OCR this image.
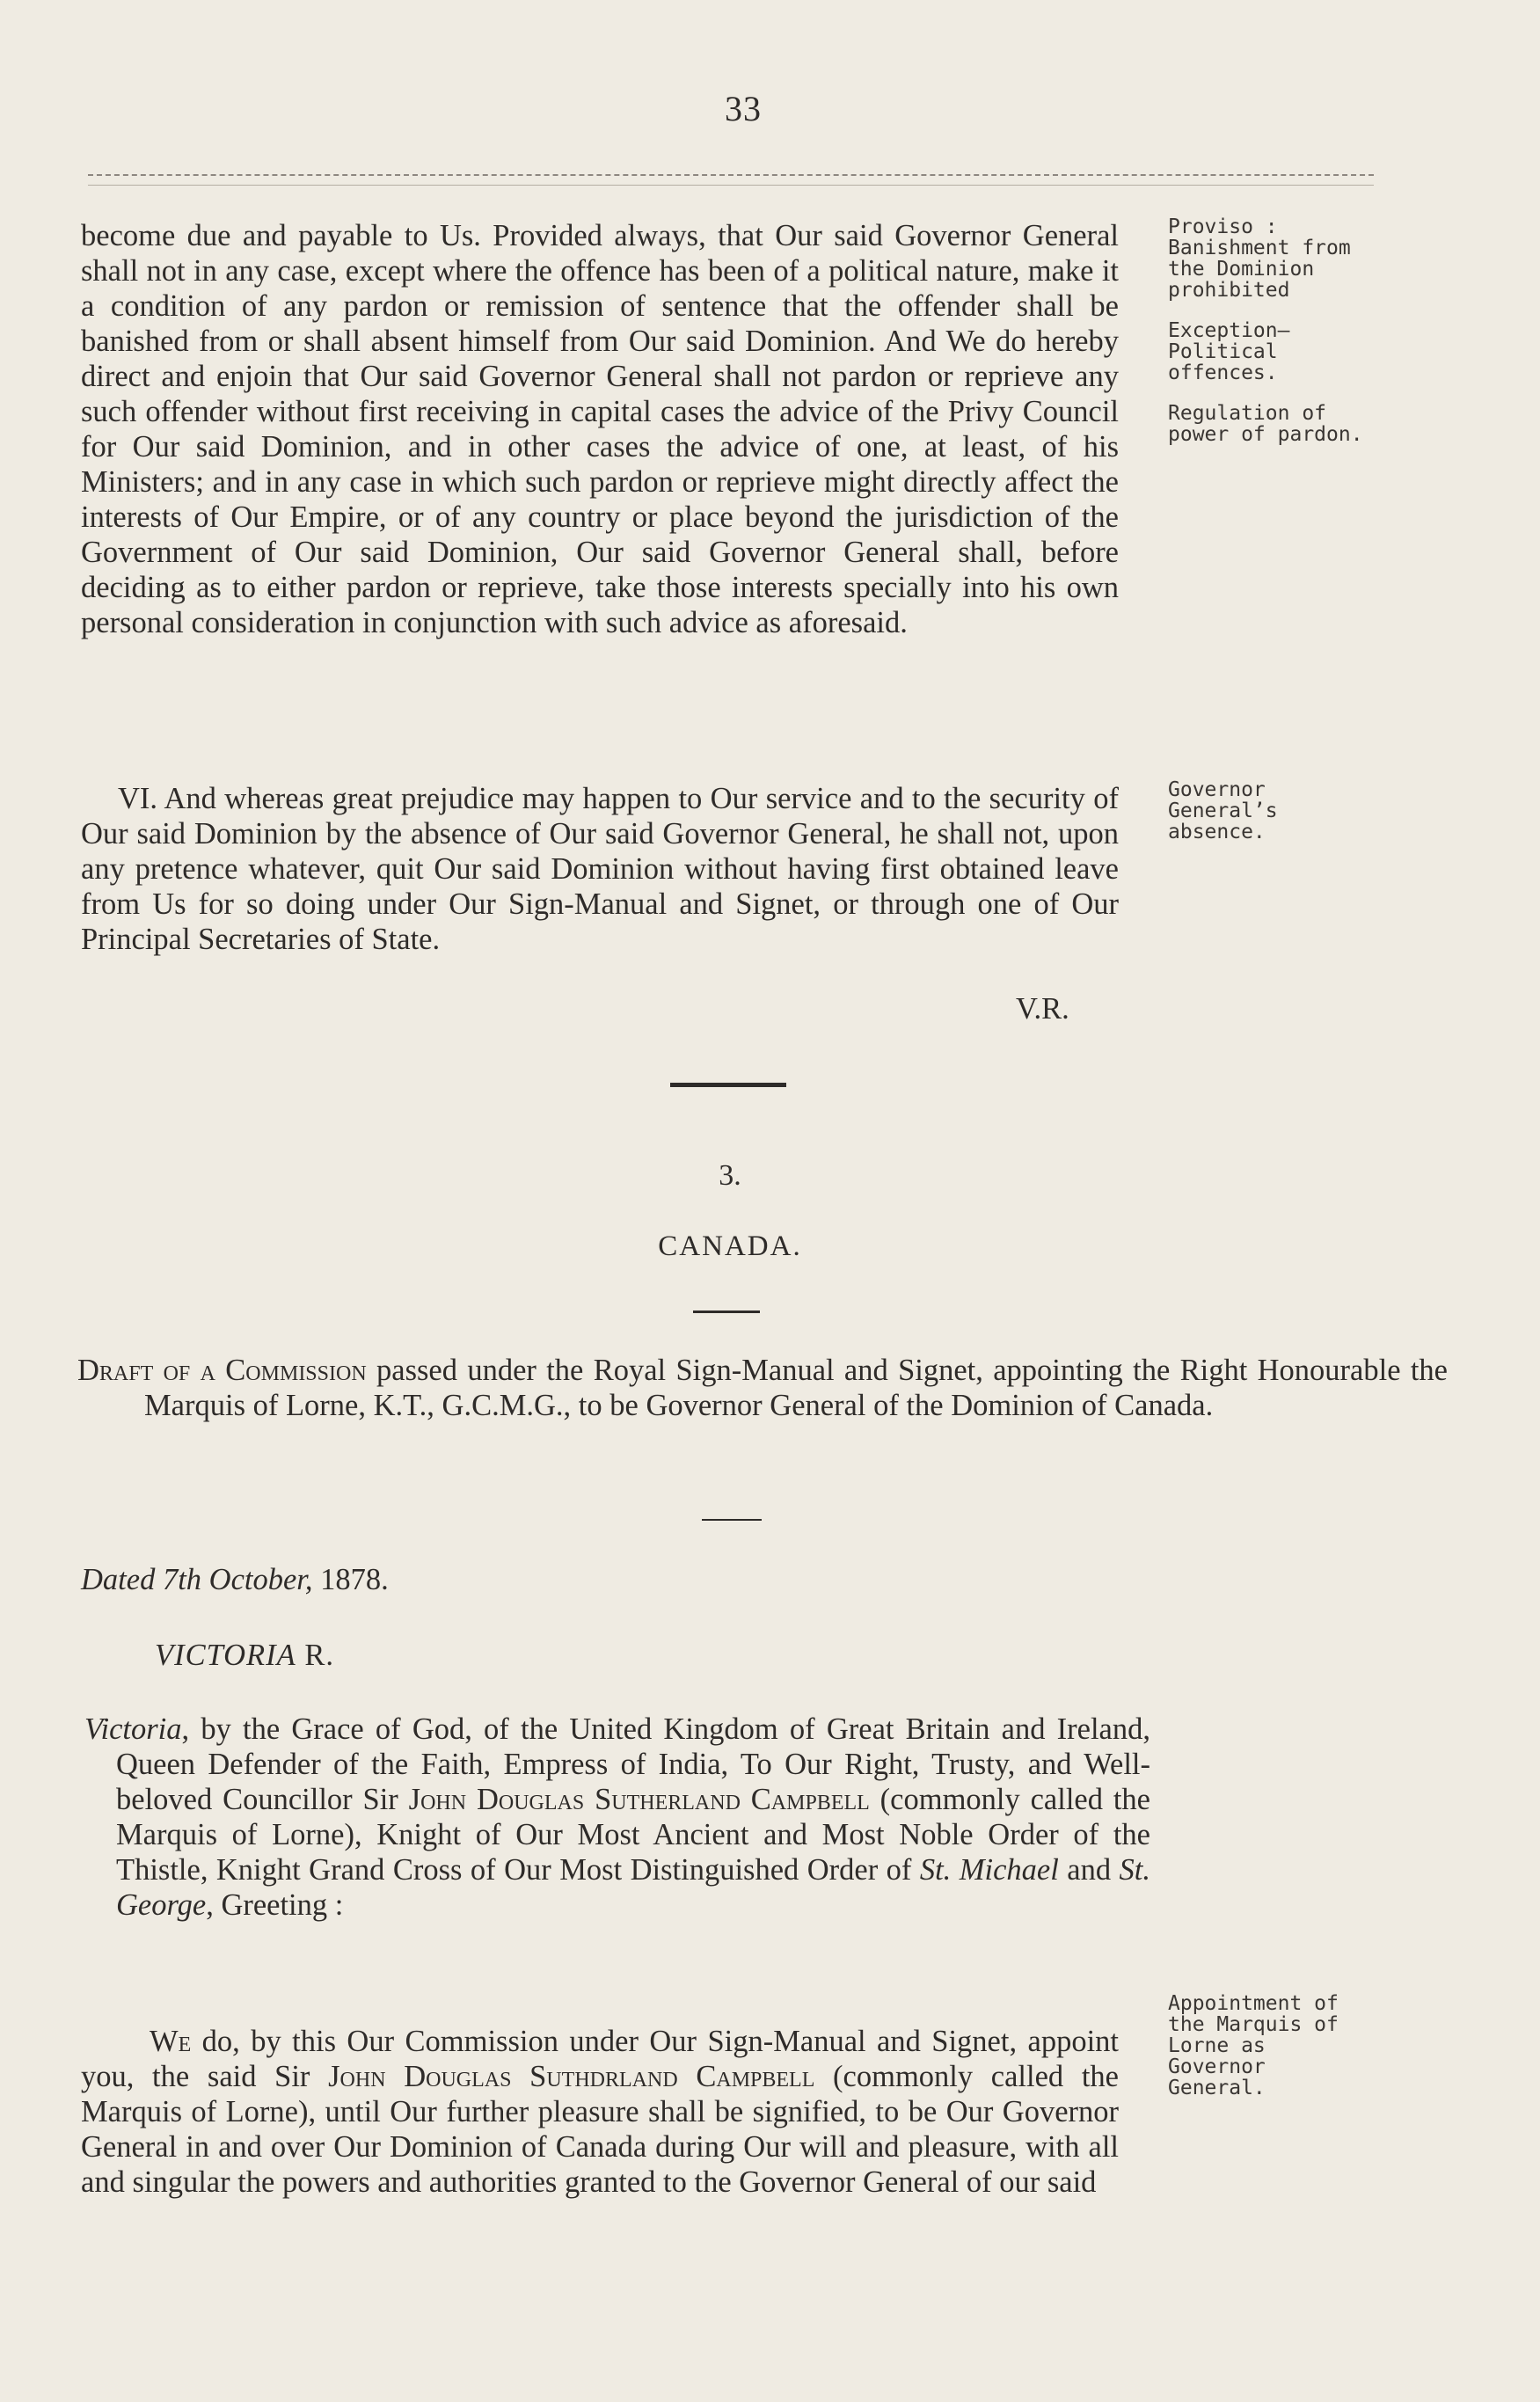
33

become due and payable to Us. Provided always, that Our said Governor General shall not in any case, except where the offence has been of a political nature, make it a condition of any pardon or remission of sentence that the offender shall be banished from or shall absent himself from Our said Dominion. And We do hereby direct and enjoin that Our said Governor General shall not pardon or reprieve any such offender without first receiving in capital cases the advice of the Privy Council for Our said Dominion, and in other cases the advice of one, at least, of his Ministers; and in any case in which such pardon or reprieve might directly affect the interests of Our Empire, or of any country or place beyond the jurisdiction of the Government of Our said Dominion, Our said Governor General shall, before deciding as to either pardon or reprieve, take those interests specially into his own personal consideration in conjunction with such advice as aforesaid.

Proviso : Banishment from the Dominion prohibited
Exception— Political offences.
Regulation of power of pardon.

VI. And whereas great prejudice may happen to Our service and to the security of Our said Dominion by the absence of Our said Governor General, he shall not, upon any pretence whatever, quit Our said Dominion without having first obtained leave from Us for so doing under Our Sign-Manual and Signet, or through one of Our Principal Secretaries of State.

Governor General’s absence.
V.R.
3.
CANADA.
Draft of a Commission passed under the Royal Sign-Manual and Signet, appointing the Right Honourable the Marquis of Lorne, K.T., G.C.M.G., to be Governor General of the Dominion of Canada.
Dated 7th October, 1878.
VICTORIA R.
Victoria, by the Grace of God, of the United Kingdom of Great Britain and Ireland, Queen Defender of the Faith, Empress of India, To Our Right, Trusty, and Well-beloved Councillor Sir John Douglas Sutherland Campbell (commonly called the Marquis of Lorne), Knight of Our Most Ancient and Most Noble Order of the Thistle, Knight Grand Cross of Our Most Distinguished Order of St. Michael and St. George, Greeting :

We do, by this Our Commission under Our Sign-Manual and Signet, appoint you, the said Sir John Douglas Suthdrland Campbell (commonly called the Marquis of Lorne), until Our further pleasure shall be signified, to be Our Governor General in and over Our Dominion of Canada during Our will and pleasure, with all and singular the powers and authorities granted to the Governor General of our said

Appointment of the Marquis of Lorne as Governor General.
